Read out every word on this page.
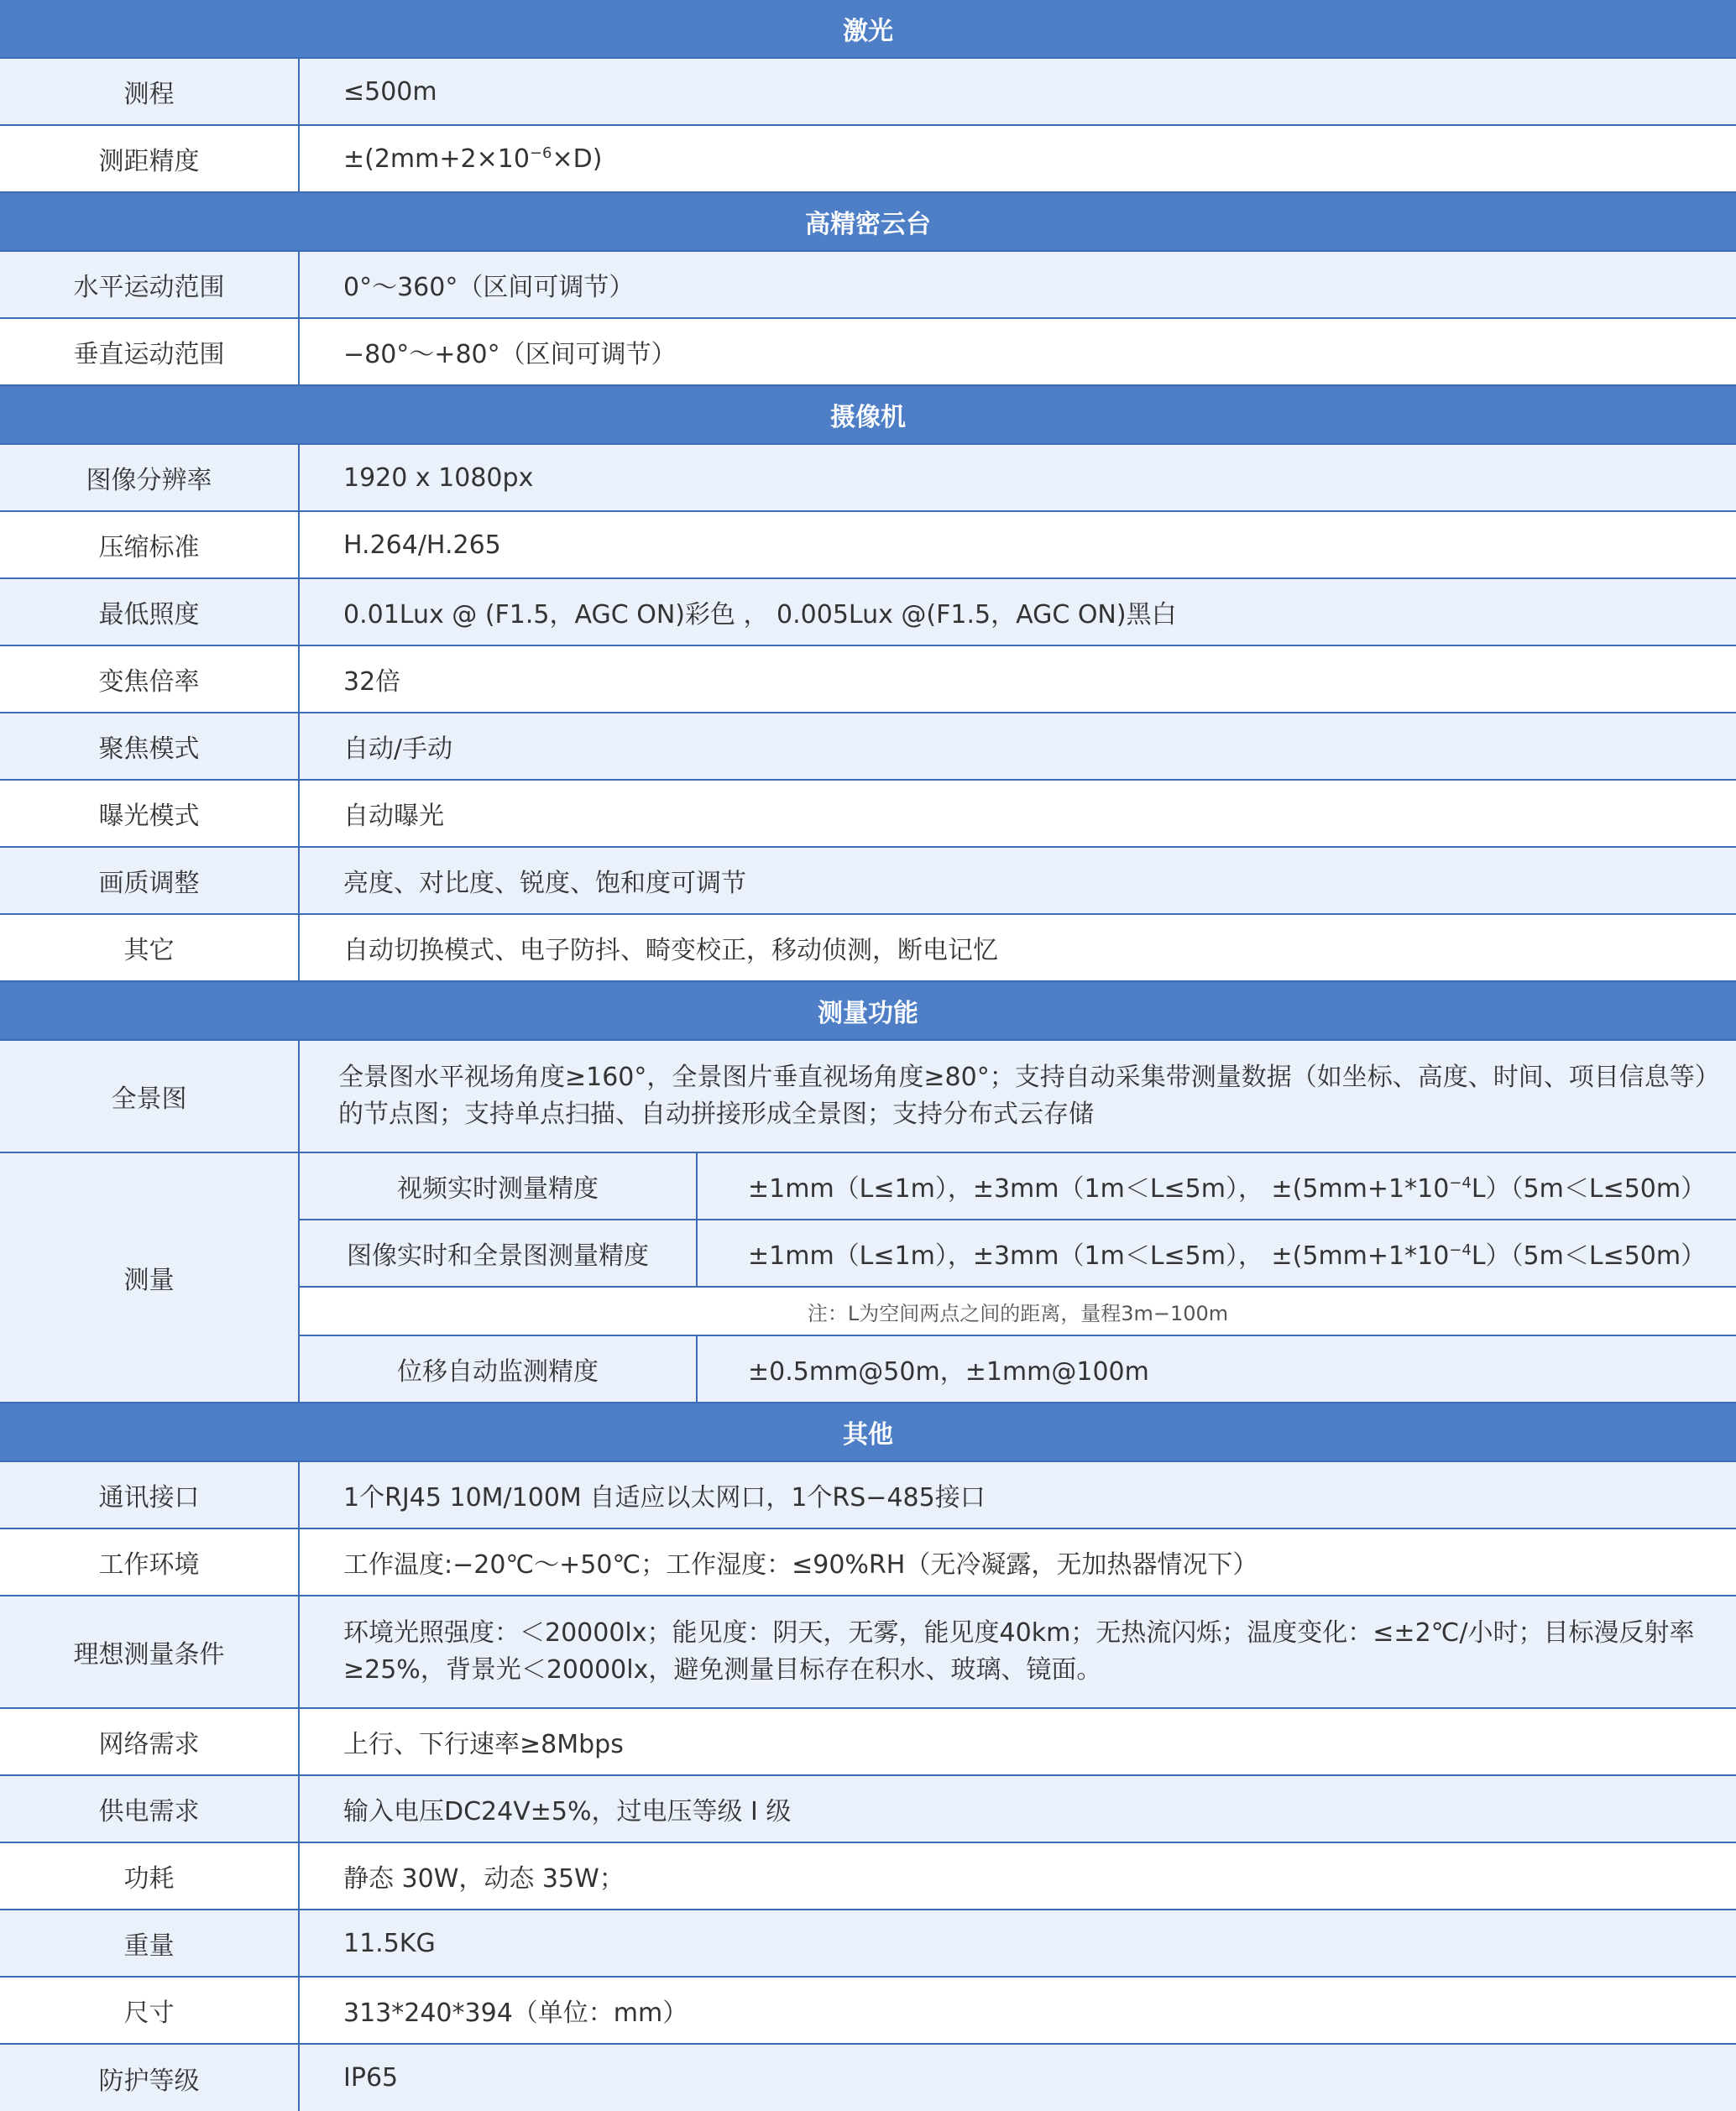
激光		
测程	≤500m	
测距精度	$\pm(2mm+2\times 10^{-6}\times D)$	
高精密云台		
水平运动范围	0°～360°（区间可调节）	
垂直运动范围	−80°～+80°（区间可调节）	
摄像机		
图像分辨率	1920 x 1080px	
压缩标准	H.264/H.265	
最低照度	0.01Lux @ (F1.5，AGC ON)彩色 ， 0.005Lux @(F1.5，AGC ON)黑白	
变焦倍率	32倍	
聚焦模式	自动/手动	
曝光模式	自动曝光	
画质调整	亮度、对比度、锐度、饱和度可调节	
其它	自动切换模式、电子防抖、畸变校正，移动侦测，断电记忆	
测量功能		
全景图	全景图水平视场角度≥160°，全景图片垂直视场角度≥80°；支持自动采集带测量数据（如坐标、高度、时间、项目信息等）的节点图；支持单点扫描、自动拼接形成全景图；支持分布式云存储	
测量	视频实时测量精度	±1mm（L≤1m），±3mm（1m＜L≤5m）， $\pm(5mm+1*10^{-4}L)(5m<L\le 50m)$
	图像实时和全景图测量精度	±1mm（L≤1m），±3mm（1m＜L≤5m）， $\pm(5mm+1*10^{-4}L)(5m<L\le 50m)$
	注：L为空间两点之间的距离，量程3m−100m	
	位移自动监测精度	±0.5mm@50m，±1mm@100m
其他		
通讯接口	1个RJ45 10M/100M 自适应以太网口，1个RS−485接口	
工作环境	工作温度:−20℃～+50℃；工作湿度：≤90%RH（无冷凝露，无加热器情况下）	
理想测量条件	环境光照强度：＜20000lx；能见度：阴天，无雾，能见度40km；无热流闪烁；温度变化：≤±2℃/小时；目标漫反射率≥25%，背景光＜20000lx，避免测量目标存在积水、玻璃、镜面。	
网络需求	上行、下行速率≥8Mbps	
供电需求	输入电压DC24V±5%，过电压等级 I 级	
功耗	静态 30W，动态 35W；	
重量	11.5KG	
尺寸	313*240*394（单位：mm）	
防护等级	IP65	
